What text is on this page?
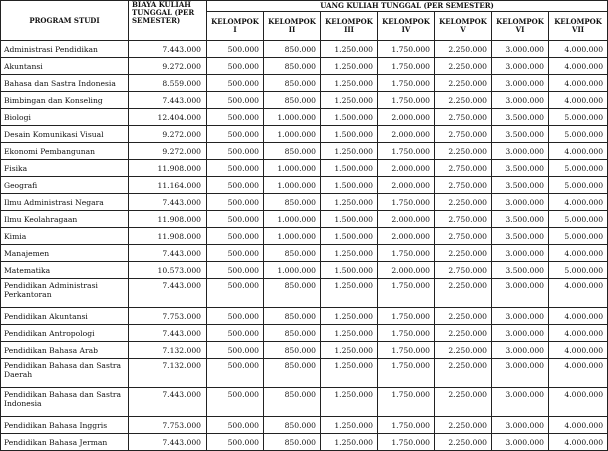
PROGRAM STUDI	BIAYA KULIAH TUNGGAL (PER SEMESTER)	UANG KULIAH TUNGGAL (PER SEMESTER)						
		KELOMPOK I	KELOMPOK II	KELOMPOK III	KELOMPOK IV	KELOMPOK V	KELOMPOK VI	KELOMPOK VII
Administrasi Pendidikan	7.443.000	500.000	850.000	1.250.000	1.750.000	2.250.000	3.000.000	4.000.000
Akuntansi	9.272.000	500.000	850.000	1.250.000	1.750.000	2.250.000	3.000.000	4.000.000
Bahasa dan Sastra Indonesia	8.559.000	500.000	850.000	1.250.000	1.750.000	2.250.000	3.000.000	4.000.000
Bimbingan dan Konseling	7.443.000	500.000	850.000	1.250.000	1.750.000	2.250.000	3.000.000	4.000.000
Biologi	12.404.000	500.000	1.000.000	1.500.000	2.000.000	2.750.000	3.500.000	5.000.000
Desain Komunikasi Visual	9.272.000	500.000	1.000.000	1.500.000	2.000.000	2.750.000	3.500.000	5.000.000
Ekonomi Pembangunan	9.272.000	500.000	850.000	1.250.000	1.750.000	2.250.000	3.000.000	4.000.000
Fisika	11.908.000	500.000	1.000.000	1.500.000	2.000.000	2.750.000	3.500.000	5.000.000
Geografi	11.164.000	500.000	1.000.000	1.500.000	2.000.000	2.750.000	3.500.000	5.000.000
Ilmu Administrasi Negara	7.443.000	500.000	850.000	1.250.000	1.750.000	2.250.000	3.000.000	4.000.000
Ilmu Keolahragaan	11.908.000	500.000	1.000.000	1.500.000	2.000.000	2.750.000	3.500.000	5.000.000
Kimia	11.908.000	500.000	1.000.000	1.500.000	2.000.000	2.750.000	3.500.000	5.000.000
Manajemen	7.443.000	500.000	850.000	1.250.000	1.750.000	2.250.000	3.000.000	4.000.000
Matematika	10.573.000	500.000	1.000.000	1.500.000	2.000.000	2.750.000	3.500.000	5.000.000
Pendidikan Administrasi Perkantoran	7.443.000	500.000	850.000	1.250.000	1.750.000	2.250.000	3.000.000	4.000.000
Pendidikan Akuntansi	7.753.000	500.000	850.000	1.250.000	1.750.000	2.250.000	3.000.000	4.000.000
Pendidikan Antropologi	7.443.000	500.000	850.000	1.250.000	1.750.000	2.250.000	3.000.000	4.000.000
Pendidikan Bahasa Arab	7.132.000	500.000	850.000	1.250.000	1.750.000	2.250.000	3.000.000	4.000.000
Pendidikan Bahasa dan Sastra Daerah	7.132.000	500.000	850.000	1.250.000	1.750.000	2.250.000	3.000.000	4.000.000
Pendidikan Bahasa dan Sastra Indonesia	7.443.000	500.000	850.000	1.250.000	1.750.000	2.250.000	3.000.000	4.000.000
Pendidikan Bahasa Inggris	7.753.000	500.000	850.000	1.250.000	1.750.000	2.250.000	3.000.000	4.000.000
Pendidikan Bahasa Jerman	7.443.000	500.000	850.000	1.250.000	1.750.000	2.250.000	3.000.000	4.000.000
